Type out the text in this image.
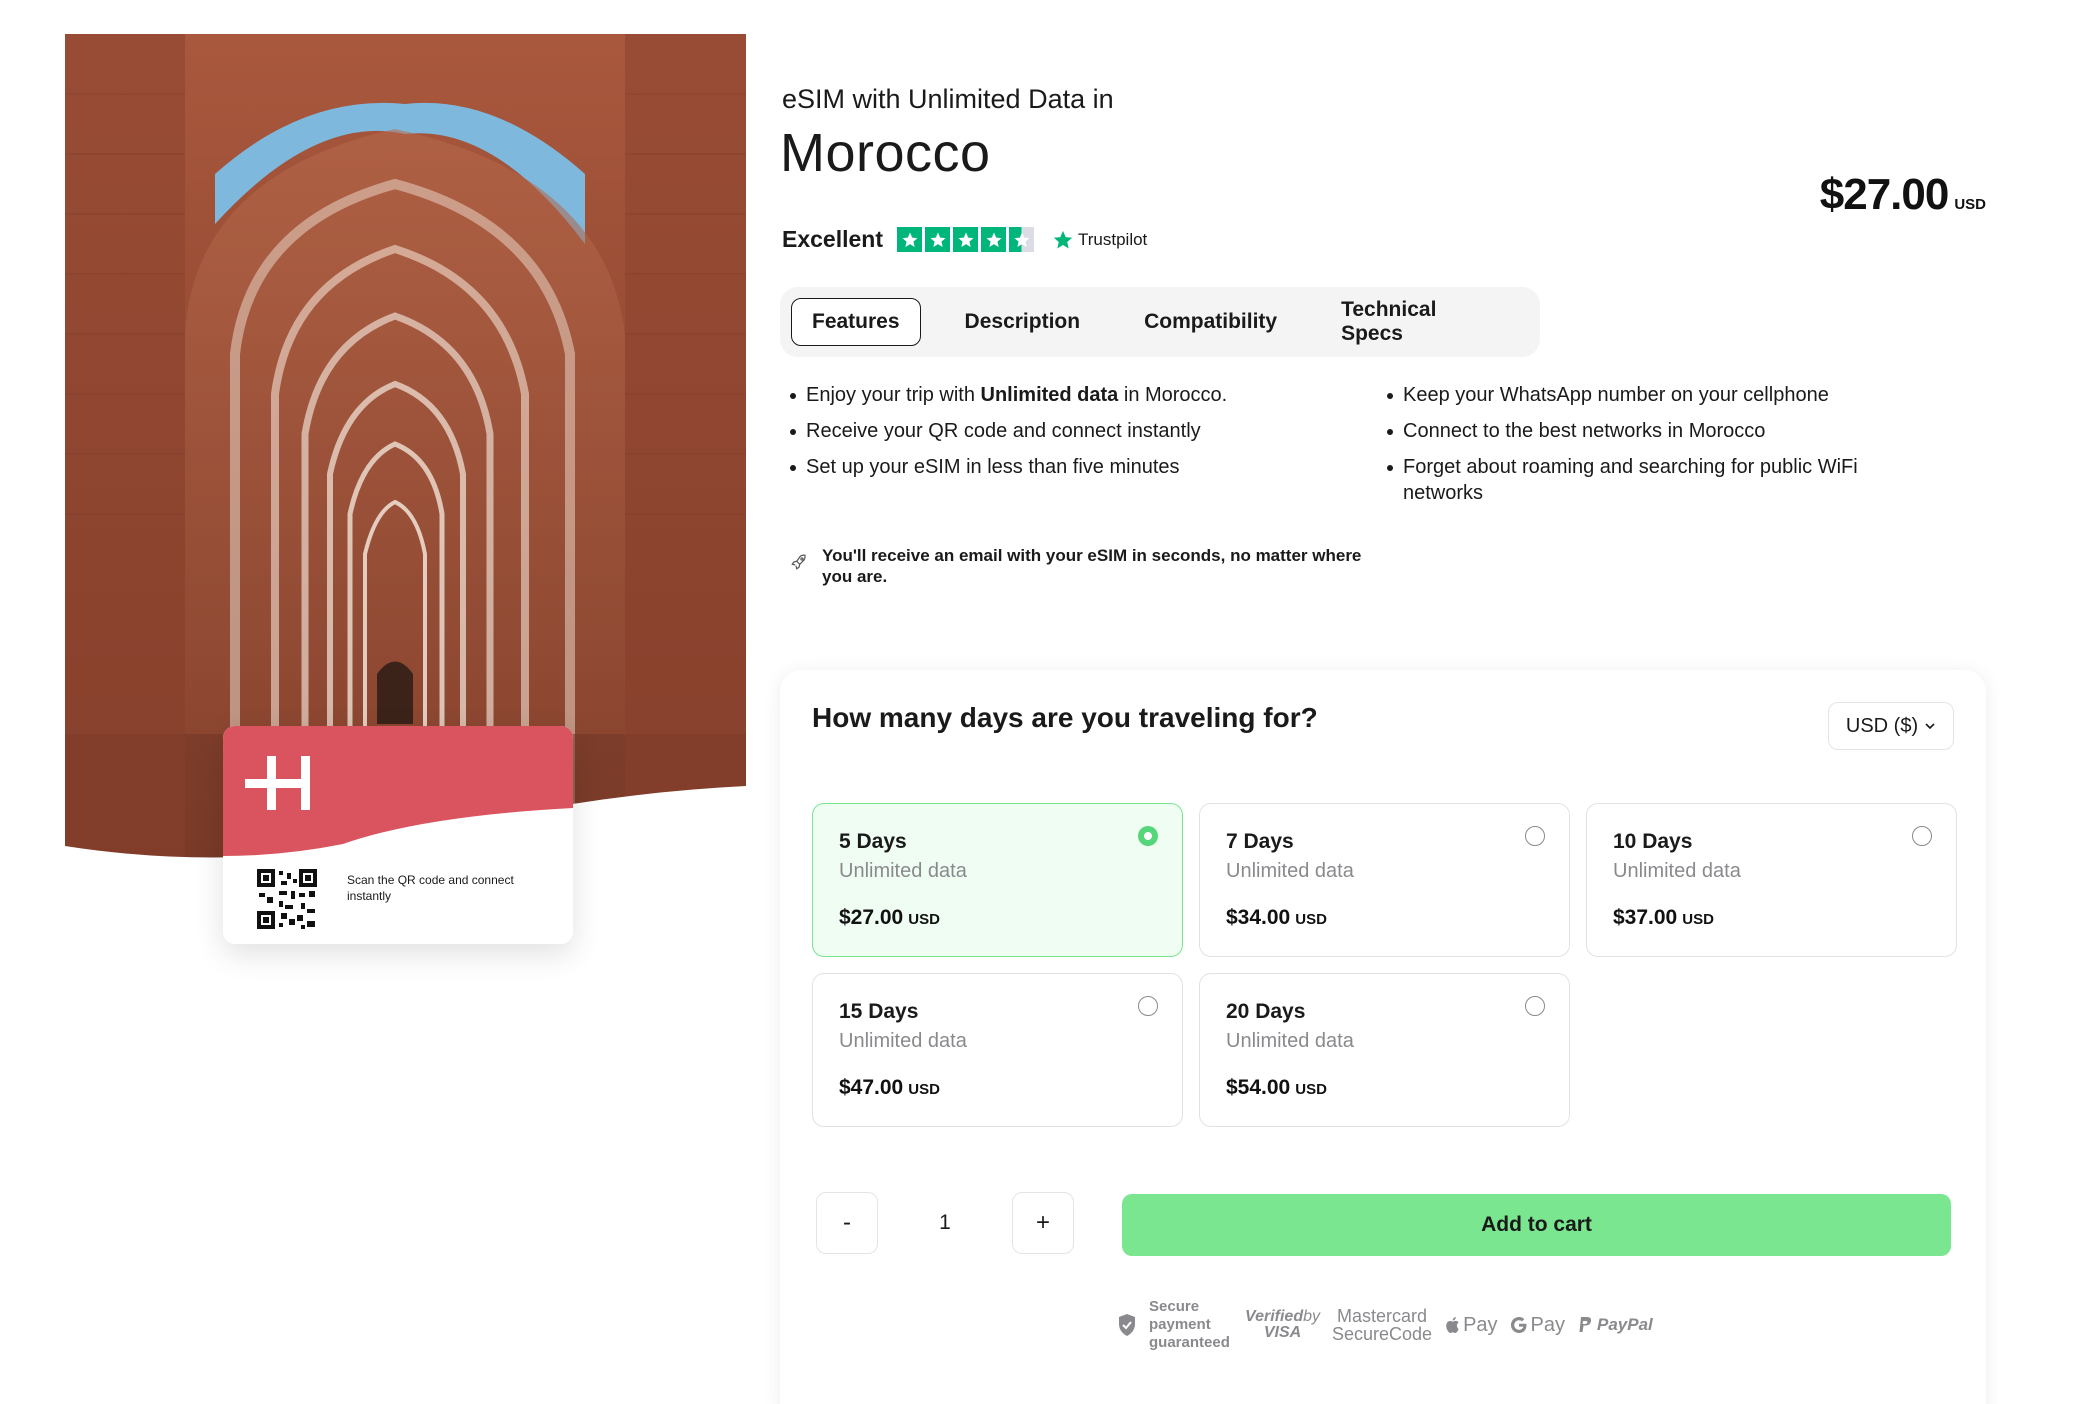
Scan the QR code and connect instantly
eSIM with Unlimited Data in
Morocco
$27.00 USD
Excellent	Trustpilot
Features	Description	Compatibility
Technical Specs
Enjoy your trip with Unlimited data in Morocco.
Receive your QR code and connect instantly
Set up your eSIM in less than five minutes
Keep your WhatsApp number on your cellphone
Connect to the best networks in Morocco
Forget about roaming and searching for public WiFi networks
You'll receive an email with your eSIM in seconds, no matter where you are.
How many days are you traveling for?	USD ($)
5 Days
Unlimited data
$27.00 USD
7 Days
Unlimited data
$34.00 USD
10 Days
Unlimited data
$37.00 USD
15 Days
Unlimited data
$47.00 USD
20 Days
Unlimited data
$54.00 USD
-	1	+	Add to cart
Secure payment guaranteed
Verifiedby
VISA
Mastercard
SecureCode Pay Pay PayPal
